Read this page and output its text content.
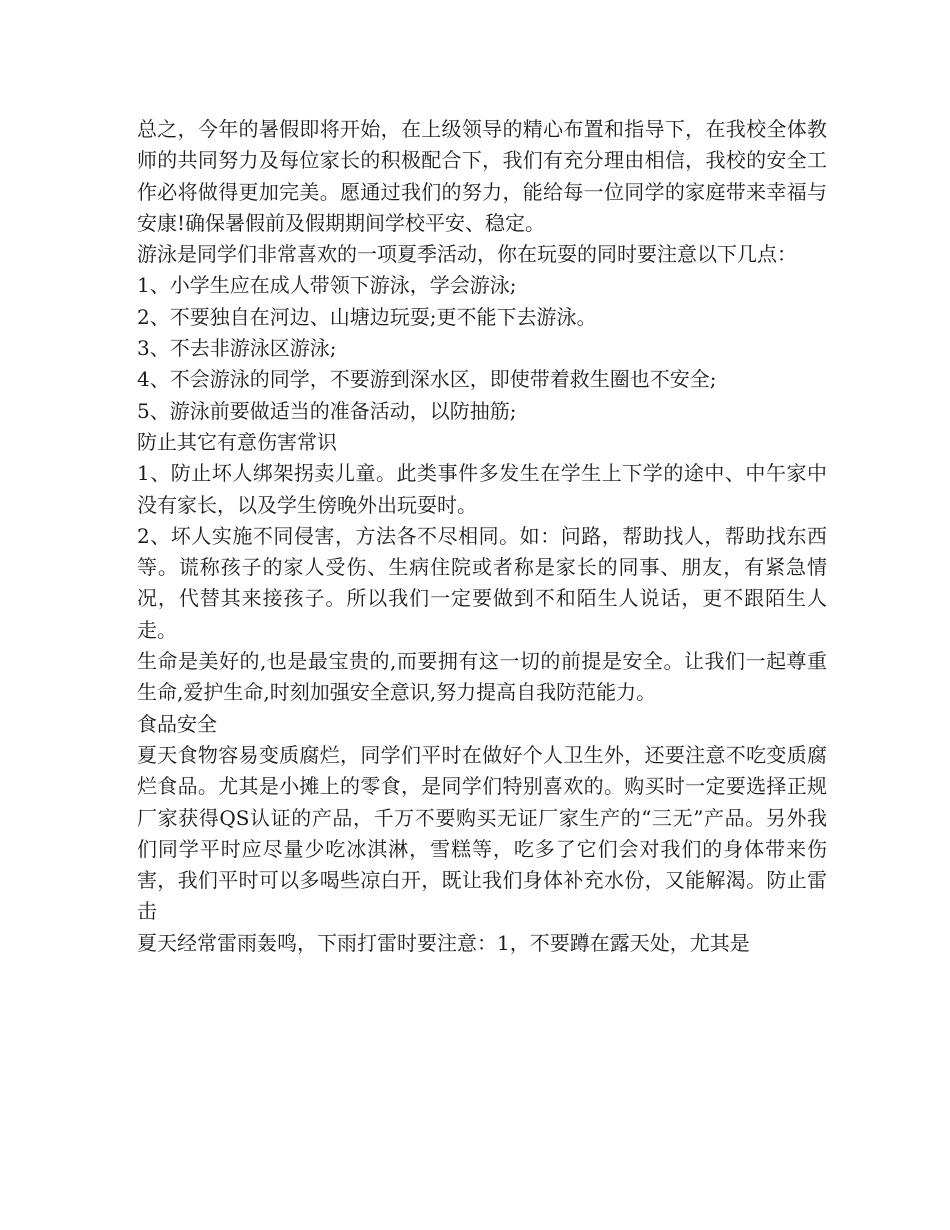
总之，今年的暑假即将开始，在上级领导的精心布置和指导下，在我校全体教师的共同努力及每位家长的积极配合下，我们有充分理由相信，我校的安全工作必将做得更加完美。愿通过我们的努力，能给每一位同学的家庭带来幸福与安康!确保暑假前及假期期间学校平安、稳定。

游泳是同学们非常喜欢的一项夏季活动，你在玩耍的同时要注意以下几点：

1、小学生应在成人带领下游泳，学会游泳;

2、不要独自在河边、山塘边玩耍;更不能下去游泳。

3、不去非游泳区游泳;

4、不会游泳的同学，不要游到深水区，即使带着救生圈也不安全;

5、游泳前要做适当的准备活动，以防抽筋;

防止其它有意伤害常识

1、防止坏人绑架拐卖儿童。此类事件多发生在学生上下学的途中、中午家中没有家长，以及学生傍晚外出玩耍时。

2、坏人实施不同侵害，方法各不尽相同。如：问路，帮助找人，帮助找东西等。谎称孩子的家人受伤、生病住院或者称是家长的同事、朋友，有紧急情况，代替其来接孩子。所以我们一定要做到不和陌生人说话，更不跟陌生人走。

生命是美好的,也是最宝贵的,而要拥有这一切的前提是安全。让我们一起尊重生命,爱护生命,时刻加强安全意识,努力提高自我防范能力。

食品安全

夏天食物容易变质腐烂，同学们平时在做好个人卫生外，还要注意不吃变质腐烂食品。尤其是小摊上的零食，是同学们特别喜欢的。购买时一定要选择正规厂家获得QS认证的产品，千万不要购买无证厂家生产的“三无”产品。另外我们同学平时应尽量少吃冰淇淋，雪糕等，吃多了它们会对我们的身体带来伤害，我们平时可以多喝些凉白开，既让我们身体补充水份，又能解渴。防止雷击

夏天经常雷雨轰鸣，下雨打雷时要注意：1，不要蹲在露天处，尤其是
